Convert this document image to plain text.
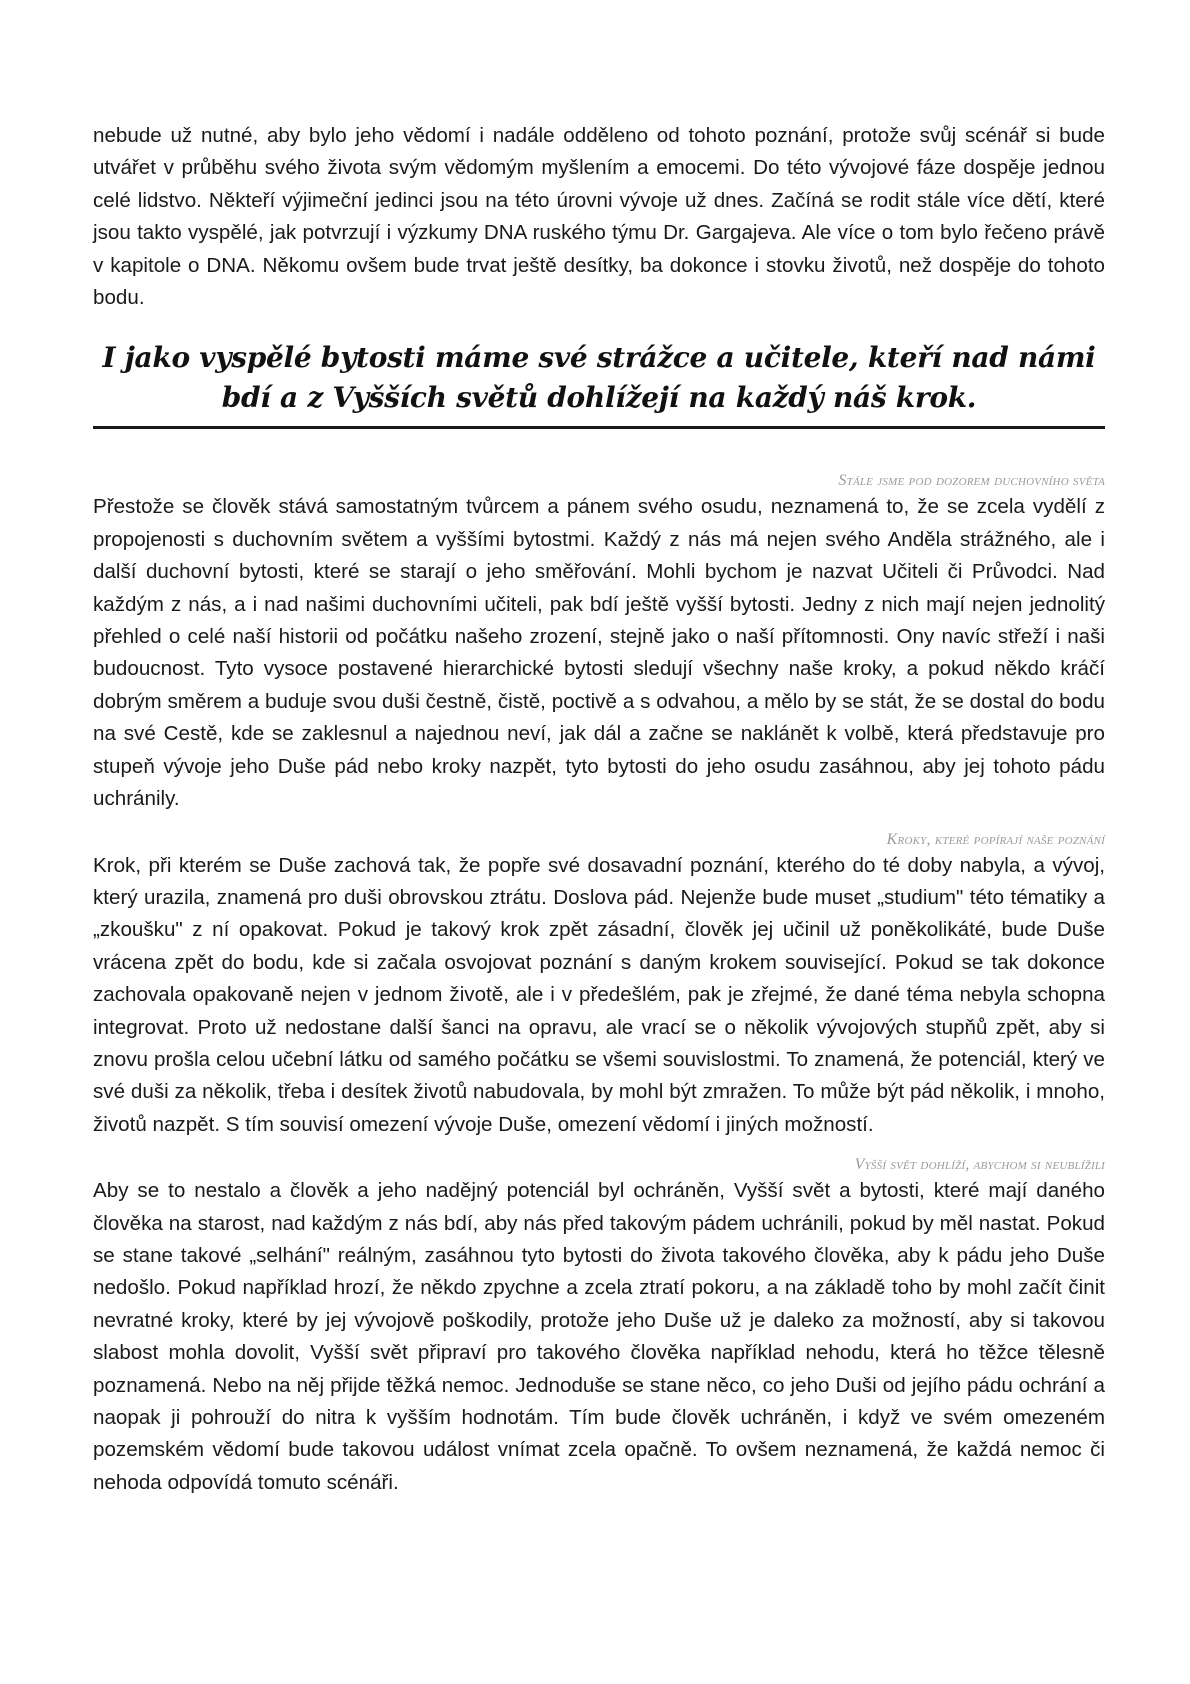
nebude už nutné, aby bylo jeho vědomí i nadále odděleno od tohoto poznání, protože svůj scénář si bude utvářet v průběhu svého života svým vědomým myšlením a emocemi. Do této vývojové fáze dospěje jednou celé lidstvo. Někteří výjimeční jedinci jsou na této úrovni vývoje už dnes. Začíná se rodit stále více dětí, které jsou takto vyspělé, jak potvrzují i výzkumy DNA ruského týmu Dr. Gargajeva. Ale více o tom bylo řečeno právě v kapitole o DNA. Někomu ovšem bude trvat ještě desítky, ba dokonce i stovku životů, než dospěje do tohoto bodu.

I jako vyspělé bytosti máme své strážce a učitele, kteří nad námi bdí a z Vyšších světů dohlížejí na každý náš krok.

Stále jsme pod dozorem duchovního světa

Přestože se člověk stává samostatným tvůrcem a pánem svého osudu, neznamená to, že se zcela vydělí z propojenosti s duchovním světem a vyššími bytostmi. Každý z nás má nejen svého Anděla strážného, ale i další duchovní bytosti, které se starají o jeho směřování. Mohli bychom je nazvat Učiteli či Průvodci. Nad každým z nás, a i nad našimi duchovními učiteli, pak bdí ještě vyšší bytosti. Jedny z nich mají nejen jednolitý přehled o celé naší historii od počátku našeho zrození, stejně jako o naší přítomnosti. Ony navíc střeží i naši budoucnost. Tyto vysoce postavené hierarchické bytosti sledují všechny naše kroky, a pokud někdo kráčí dobrým směrem a buduje svou duši čestně, čistě, poctivě a s odvahou, a mělo by se stát, že se dostal do bodu na své Cestě, kde se zaklesnul a najednou neví, jak dál a začne se naklánět k volbě, která představuje pro stupeň vývoje jeho Duše pád nebo kroky nazpět, tyto bytosti do jeho osudu zasáhnou, aby jej tohoto pádu uchránily.

Kroky, které popírají naše poznání

Krok, při kterém se Duše zachová tak, že popře své dosavadní poznání, kterého do té doby nabyla, a vývoj, který urazila, znamená pro duši obrovskou ztrátu. Doslova pád. Nejenže bude muset „studium" této tématiky a „zkoušku" z ní opakovat. Pokud je takový krok zpět zásadní, člověk jej učinil už poněkolikáté, bude Duše vrácena zpět do bodu, kde si začala osvojovat poznání s daným krokem související. Pokud se tak dokonce zachovala opakovaně nejen v jednom životě, ale i v předešlém, pak je zřejmé, že dané téma nebyla schopna integrovat. Proto už nedostane další šanci na opravu, ale vrací se o několik vývojových stupňů zpět, aby si znovu prošla celou učební látku od samého počátku se všemi souvislostmi. To znamená, že potenciál, který ve své duši za několik, třeba i desítek životů nabudovala, by mohl být zmražen. To může být pád několik, i mnoho, životů nazpět. S tím souvisí omezení vývoje Duše, omezení vědomí i jiných možností.

Vyšší svět dohlíží, abychom si neublížili

Aby se to nestalo a člověk a jeho nadějný potenciál byl ochráněn, Vyšší svět a bytosti, které mají daného člověka na starost, nad každým z nás bdí, aby nás před takovým pádem uchránili, pokud by měl nastat. Pokud se stane takové „selhání" reálným, zasáhnou tyto bytosti do života takového člověka, aby k pádu jeho Duše nedošlo. Pokud například hrozí, že někdo zpychne a zcela ztratí pokoru, a na základě toho by mohl začít činit nevratné kroky, které by jej vývojově poškodily, protože jeho Duše už je daleko za možností, aby si takovou slabost mohla dovolit, Vyšší svět připraví pro takového člověka například nehodu, která ho těžce tělesně poznamená. Nebo na něj přijde těžká nemoc. Jednoduše se stane něco, co jeho Duši od jejího pádu ochrání a naopak ji pohrouží do nitra k vyšším hodnotám. Tím bude člověk uchráněn, i když ve svém omezeném pozemském vědomí bude takovou událost vnímat zcela opačně. To ovšem neznamená, že každá nemoc či nehoda odpovídá tomuto scénáři.
